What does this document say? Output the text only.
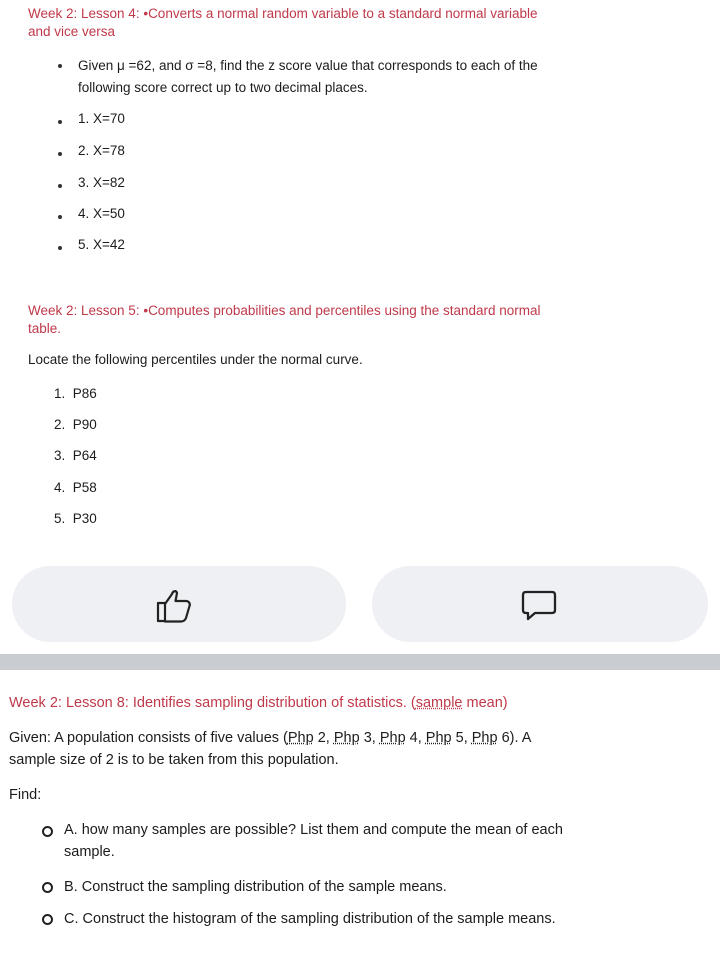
Week 2: Lesson 4: •Converts a normal random variable to a standard normal variable
and vice versa
Given μ =62, and σ =8, find the z score value that corresponds to each of the
following score correct up to two decimal places.
1. X=70
2. X=78
3. X=82
4. X=50
5. X=42
Week 2: Lesson 5: •Computes probabilities and percentiles using the standard normal
table.
Locate the following percentiles under the normal curve.
1.  P86
2.  P90
3.  P64
4.  P58
5.  P30
Week 2: Lesson 8: Identifies sampling distribution of statistics. (sample mean)
Given: A population consists of five values (Php 2, Php 3, Php 4, Php 5, Php 6). A
sample size of 2 is to be taken from this population.
Find:
A. how many samples are possible? List them and compute the mean of each
sample.
B. Construct the sampling distribution of the sample means.
C. Construct the histogram of the sampling distribution of the sample means.
